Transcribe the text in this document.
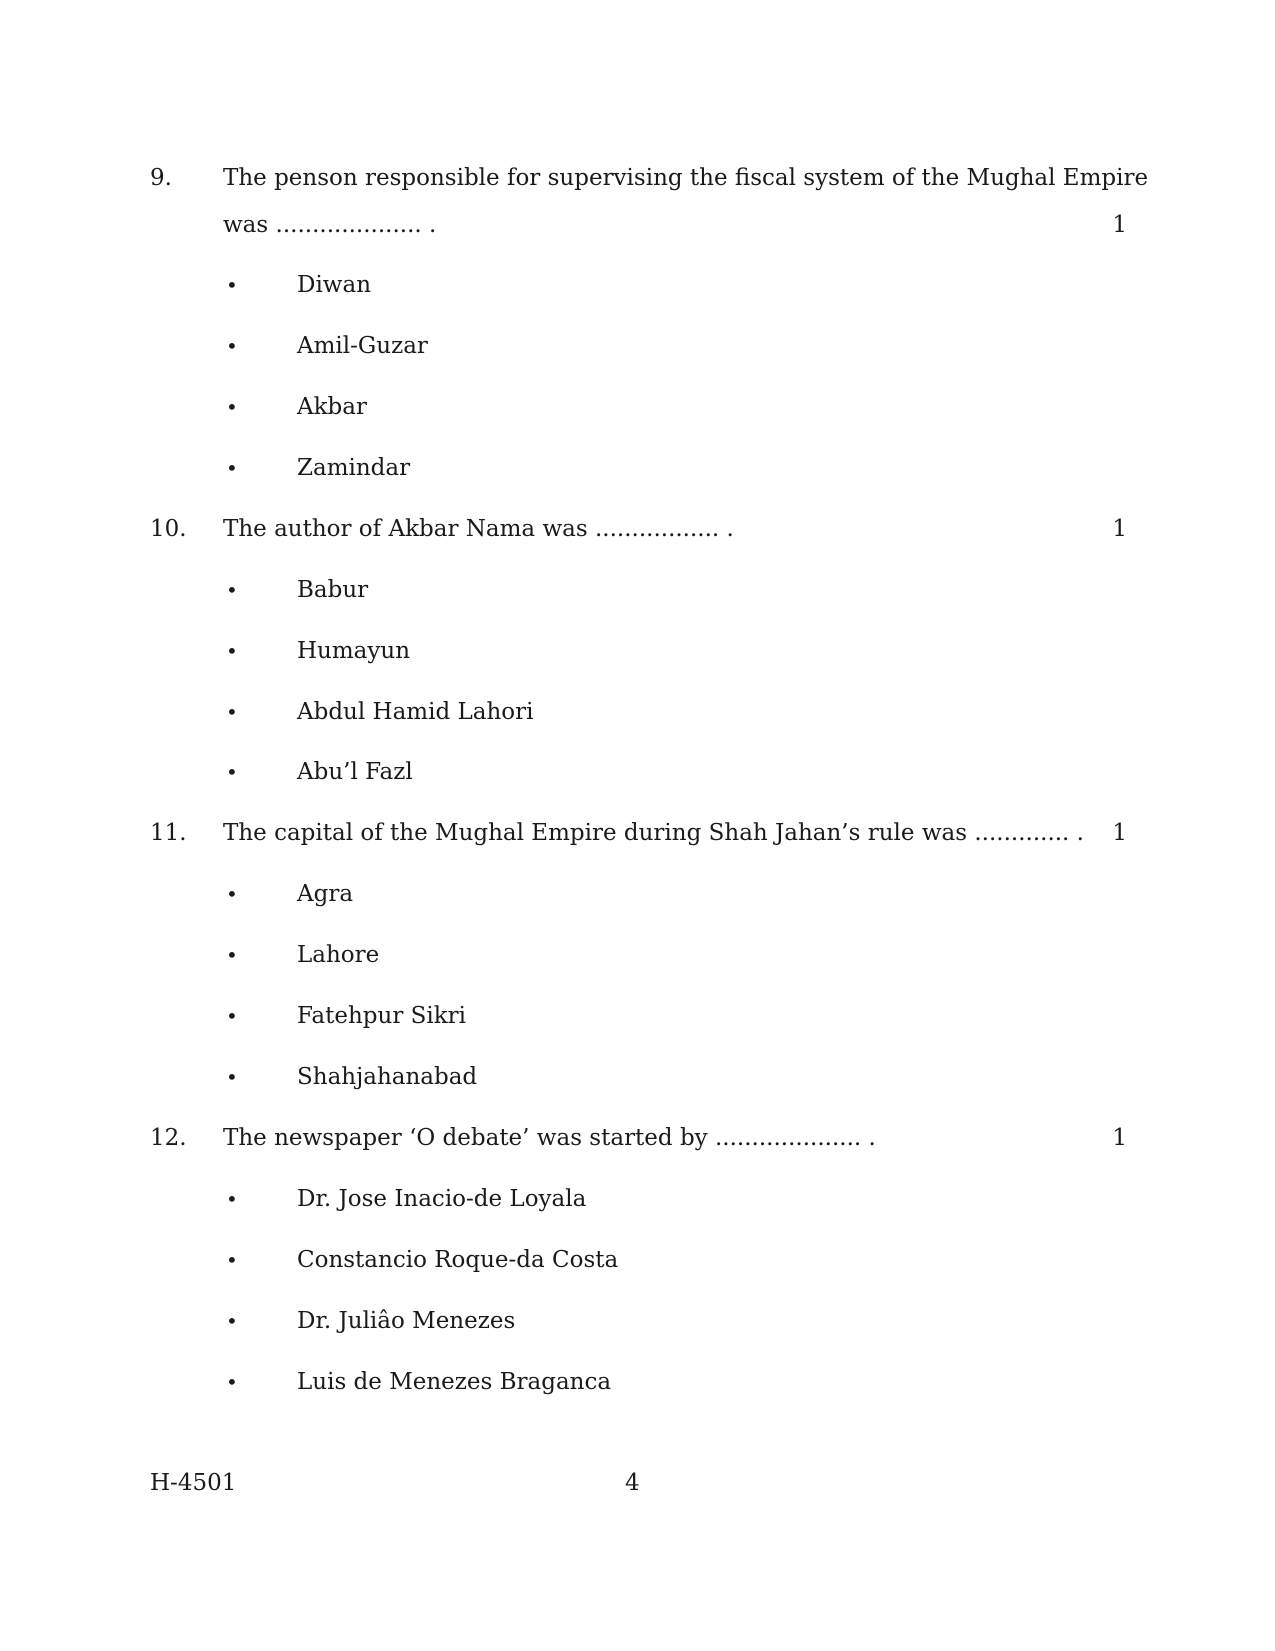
9. The penson responsible for supervising the fiscal system of the Mughal Empire
was .................... .	1
•	Diwan
•	Amil-Guzar
•	Akbar
•	Zamindar
10. The author of Akbar Nama was ................. .	1
•	Babur
•	Humayun
•	Abdul Hamid Lahori
•	Abu’l Fazl
11. The capital of the Mughal Empire during Shah Jahan’s rule was ............. . 1
•	Agra
•	Lahore
•	Fatehpur Sikri
•	Shahjahanabad
12. The newspaper ‘O debate’ was started by .................... .	1
•	Dr. Jose Inacio-de Loyala
•	Constancio Roque-da Costa
•	Dr. Juliâo Menezes
•	Luis de Menezes Braganca
H-4501	4
